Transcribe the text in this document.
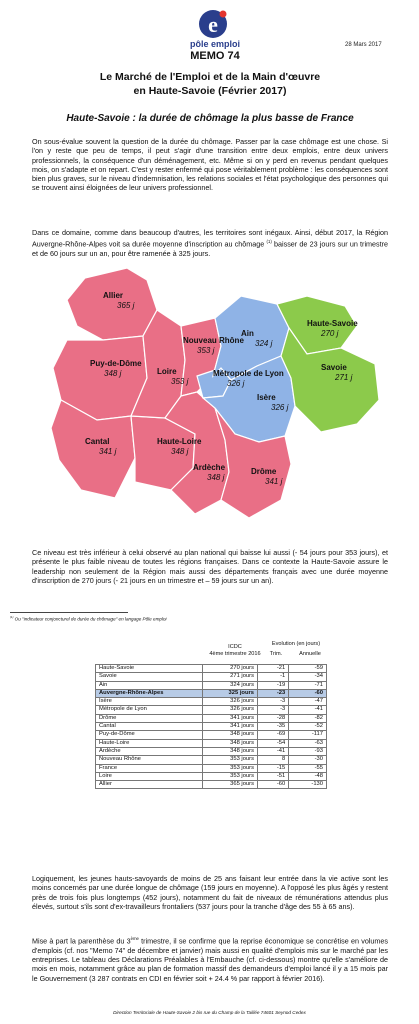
e
pôle emploi
MEMO 74
28 Mars 2017
Le Marché de l'Emploi et de la Main d'œuvre
en Haute-Savoie (Février 2017)
Haute-Savoie : la durée de chômage la plus basse de France
On sous-évalue souvent la question de la durée du chômage. Passer par la case chômage est une chose. Si l'on y reste que peu de temps, il peut s'agir d'une transition entre deux emplois, entre deux univers professionnels, la conséquence d'un déménagement, etc. Même si on y perd en revenus pendant quelques mois, on s'adapte et on repart. C'est y rester enfermé qui pose véritablement problème : les conséquences sont bien plus graves, sur le niveau d'indemnisation, les relations sociales et l'état psychologique des personnes qui se trouvent ainsi éloignées de leur univers professionnel.
Dans ce domaine, comme dans beaucoup d'autres, les territoires sont inégaux. Ainsi, début 2017, la Région Auvergne-Rhône-Alpes voit sa durée moyenne d'inscription au chômage $^{(1)}$ baisser de 23 jours sur un trimestre et de 60 jours sur un an, pour être ramenée à 325 jours.
Allier
365 j
Puy-de-Dôme
348 j
Cantal
341 j
Haute-Loire
348 j
Loire
353 j
Nouveau Rhône
353 j
Métropole de Lyon
326 j
Ain
324 j
Haute-Savoie
270 j
Savoie
271 j
Isère
326 j
Drôme
341 j
Ardèche
348 j
Ce niveau est très inférieur à celui observé au plan national qui baisse lui aussi (- 54 jours pour 353 jours), et présente le plus faible niveau de toutes les régions françaises. Dans ce contexte la Haute-Savoie assure le leadership non seulement de la Région mais aussi des départements français avec une durée moyenne d'inscription de 270 jours (- 21 jours en un trimestre et – 59 jours sur un an).
$^{(1)}$ Ou "indicateur conjoncturel de durée du chômage" en langage Pôle emploi
ICDC
4ème trimestre 2016
Evolution (en jours)
Trim.	Annuelle
Haute-Savoie	270 jours	-21	-59
Savoie	271 jours	-1	-34
Ain	324 jours	-19	-71
Auvergne-Rhône-Alpes	325 jours	-23	-60
Isère	326 jours	-3	-47
Métropole de Lyon	326 jours	-3	-41
Drôme	341 jours	-28	-82
Cantal	341 jours	-35	-52
Puy-de-Dôme	348 jours	-69	-117
Haute-Loire	348 jours	-54	-63
Ardèche	348 jours	-41	-93
Nouveau Rhône	353 jours	8	-30
France	353 jours	-15	-55
Loire	353 jours	-51	-48
Allier	365 jours	-60	-130
Logiquement, les jeunes hauts-savoyards de moins de 25 ans faisant leur entrée dans la vie active sont les moins concernés par une durée longue de chômage (159 jours en moyenne). A l'opposé les plus âgés y restent près de trois fois plus longtemps (452 jours), notamment du fait de niveaux de rémunérations attendus plus élevés, surtout s'ils sont d'ex-travailleurs frontaliers (537 jours pour la tranche d'âge des 55 à 65 ans).
Mise à part la parenthèse du 3ème trimestre, il se confirme que la reprise économique se concrétise en volumes d'emplois (cf. nos "Memo 74" de décembre et janvier) mais aussi en qualité d'emplois mis sur le marché par les entreprises. Le tableau des Déclarations Préalables à l'Embauche (cf. ci-dessous) montre qu'elle s'améliore de mois en mois, notamment grâce au plan de formation massif des demandeurs d'emploi lancé il y a 15 mois par le Gouvernement (3 287 contrats en CDI en février soit + 24.4 % par rapport à février 2016).
Direction Territoriale de Haute-Savoie 2 bis rue du Champ de la Taillée 74601 Seynod Cedex
